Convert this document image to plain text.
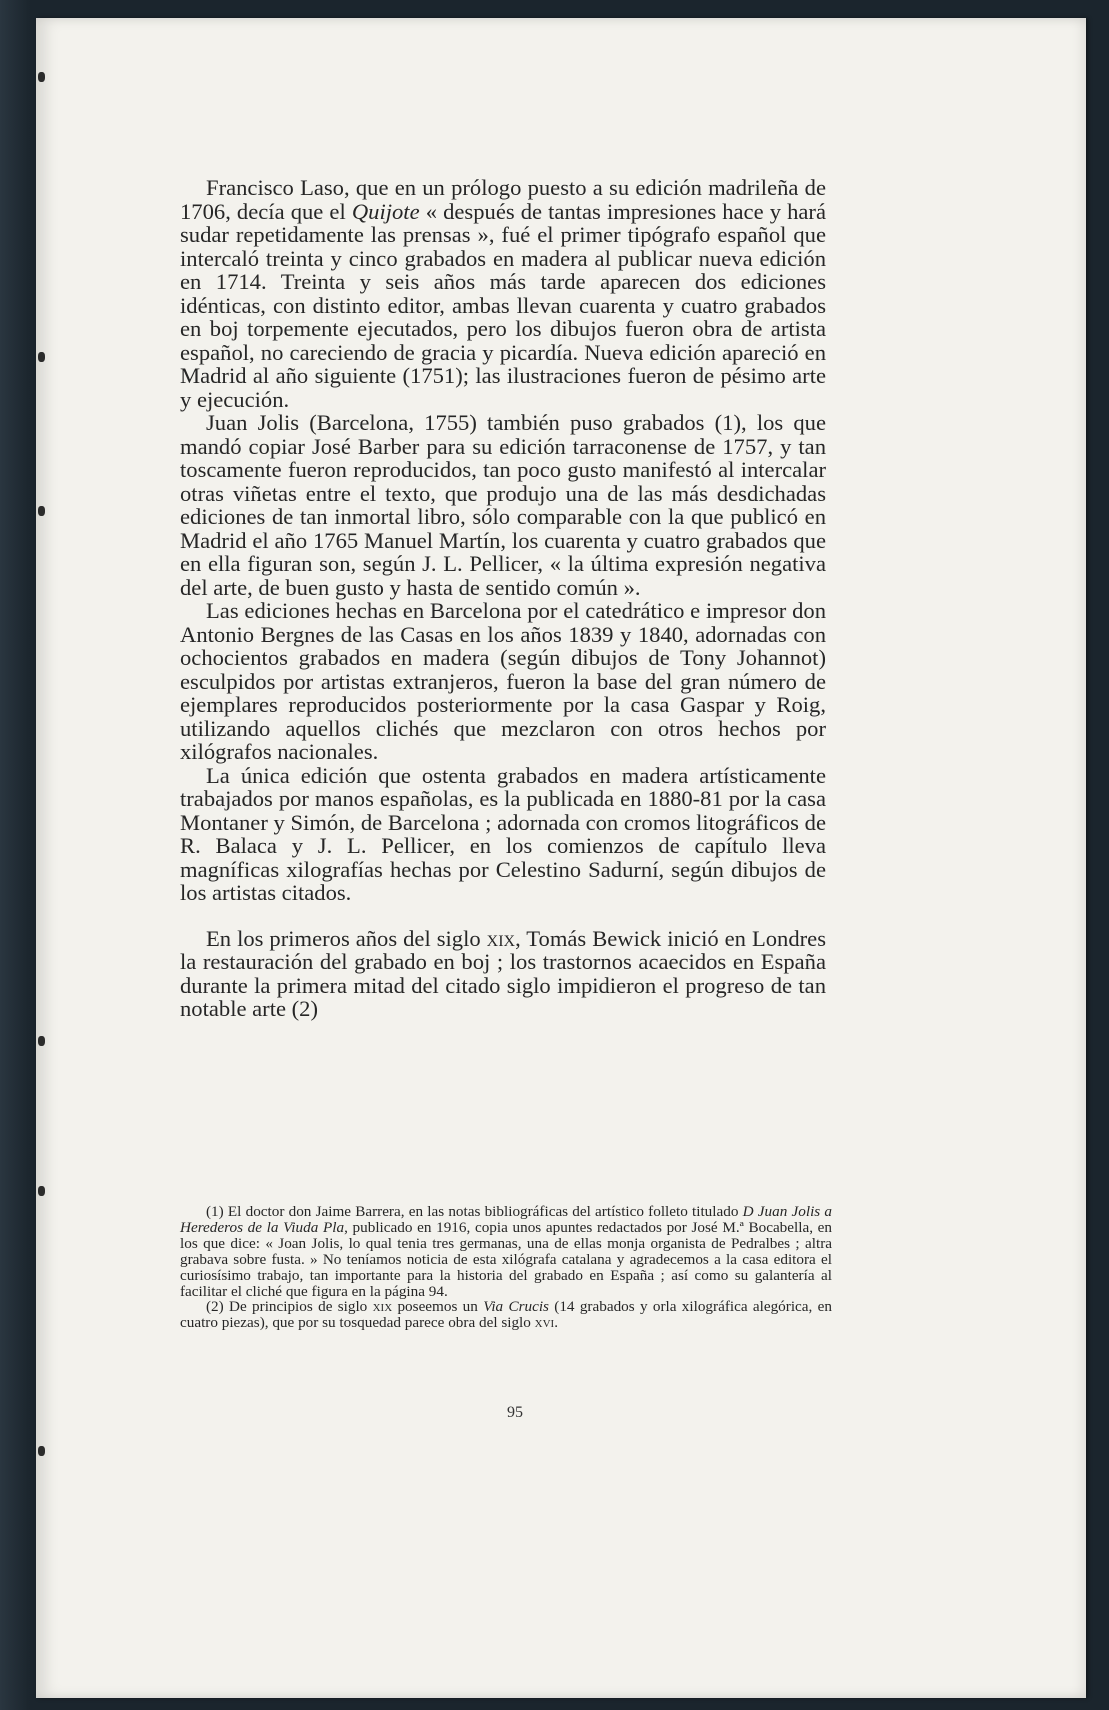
Francisco Laso, que en un prólogo puesto a su edición madrileña de 1706, decía que el Quijote « después de tantas impresiones hace y hará sudar repetidamente las prensas », fué el primer tipógrafo español que intercaló treinta y cinco grabados en madera al publicar nueva edición en 1714. Treinta y seis años más tarde aparecen dos ediciones idénticas, con distinto editor, ambas llevan cuarenta y cuatro grabados en boj torpemente ejecutados, pero los dibujos fueron obra de artista español, no careciendo de gracia y picardía. Nueva edición apareció en Madrid al año siguiente (1751); las ilustraciones fueron de pésimo arte y ejecución.

Juan Jolis (Barcelona, 1755) también puso grabados (1), los que mandó copiar José Barber para su edición tarraconense de 1757, y tan toscamente fueron reproducidos, tan poco gusto manifestó al intercalar otras viñetas entre el texto, que produjo una de las más desdichadas ediciones de tan inmortal libro, sólo comparable con la que publicó en Madrid el año 1765 Manuel Martín, los cuarenta y cuatro grabados que en ella figuran son, según J. L. Pellicer, « la última expresión negativa del arte, de buen gusto y hasta de sentido común ».

Las ediciones hechas en Barcelona por el catedrático e impresor don Antonio Bergnes de las Casas en los años 1839 y 1840, adornadas con ochocientos grabados en madera (según dibujos de Tony Johannot) esculpidos por artistas extranjeros, fueron la base del gran número de ejemplares reproducidos posteriormente por la casa Gaspar y Roig, utilizando aquellos clichés que mezclaron con otros hechos por xilógrafos nacionales.

La única edición que ostenta grabados en madera artísticamente trabajados por manos españolas, es la publicada en 1880-81 por la casa Montaner y Simón, de Barcelona ; adornada con cromos litográficos de R. Balaca y J. L. Pellicer, en los comienzos de capítulo lleva magníficas xilografías hechas por Celestino Sadurní, según dibujos de los artistas citados.

En los primeros años del siglo xix, Tomás Bewick inició en Londres la restauración del grabado en boj ; los trastornos acaecidos en España durante la primera mitad del citado siglo impidieron el progreso de tan notable arte (2)

(1) El doctor don Jaime Barrera, en las notas bibliográficas del artístico folleto titulado D Juan Jolis a Herederos de la Viuda Pla, publicado en 1916, copia unos apuntes redactados por José M.ª Bocabella, en los que dice: « Joan Jolis, lo qual tenia tres germanas, una de ellas monja organista de Pedralbes ; altra grabava sobre fusta. » No teníamos noticia de esta xilógrafa catalana y agradecemos a la casa editora el curiosísimo trabajo, tan importante para la historia del grabado en España ; así como su galantería al facilitar el cliché que figura en la página 94.

(2) De principios de siglo xix poseemos un Via Crucis (14 grabados y orla xilográfica alegórica, en cuatro piezas), que por su tosquedad parece obra del siglo xvi.

95
